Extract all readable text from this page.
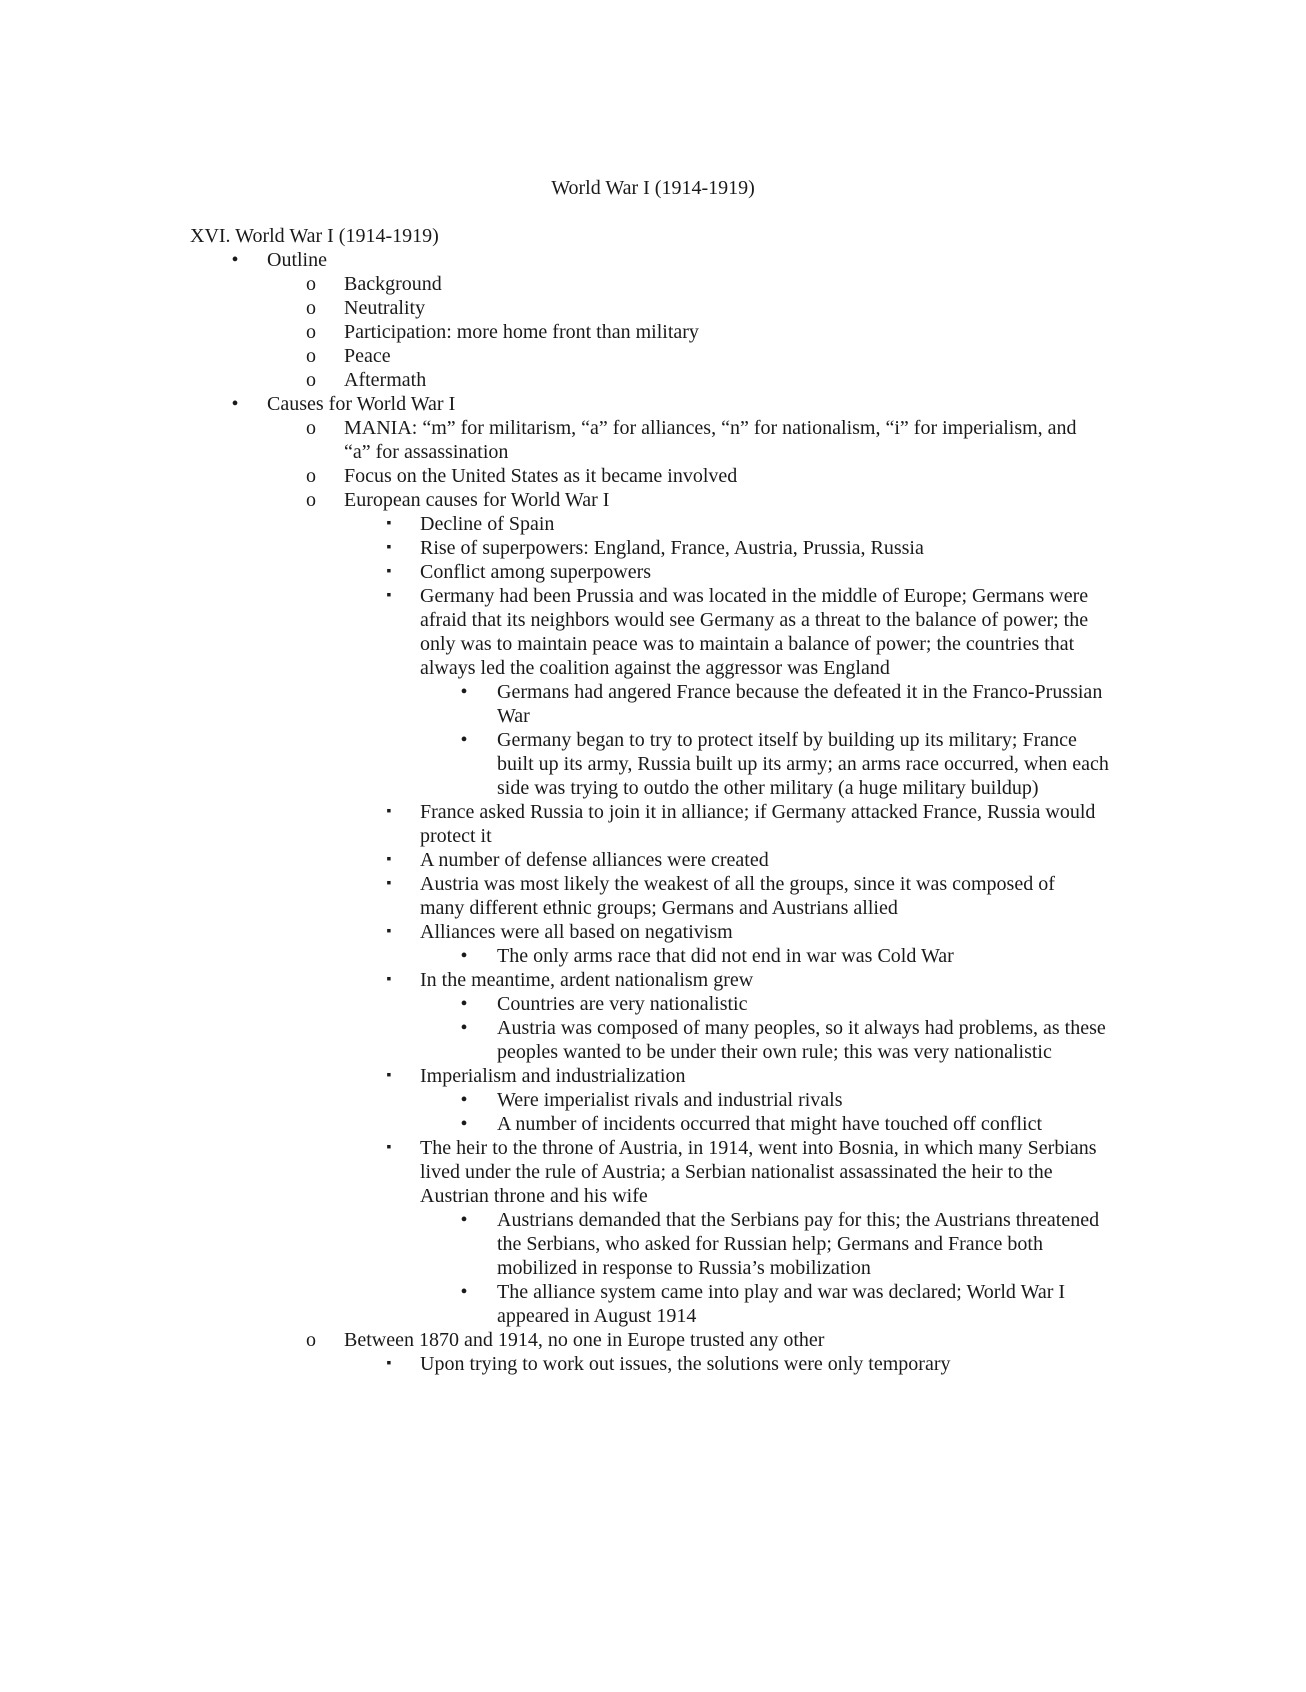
World War I (1914-1919)
XVI. World War I (1914-1919)
•	Outline
o Background
o Neutrality
o Participation: more home front than military
o Peace
o Aftermath
•	Causes for World War I
o MANIA: “m” for militarism, “a” for alliances, “n” for nationalism, “i” for imperialism, and “a” for assassination
o Focus on the United States as it became involved
o European causes for World War I
▪	Decline of Spain
▪	Rise of superpowers: England, France, Austria, Prussia, Russia
▪	Conflict among superpowers
▪	Germany had been Prussia and was located in the middle of Europe; Germans were afraid that its neighbors would see Germany as a threat to the balance of power; the only was to maintain peace was to maintain a balance of power; the countries that always led the coalition against the aggressor was England
•	Germans had angered France because the defeated it in the Franco-Prussian War
•	Germany began to try to protect itself by building up its military; France built up its army, Russia built up its army; an arms race occurred, when each side was trying to outdo the other military (a huge military buildup)
▪	France asked Russia to join it in alliance; if Germany attacked France, Russia would protect it
▪	A number of defense alliances were created
▪	Austria was most likely the weakest of all the groups, since it was composed of many different ethnic groups; Germans and Austrians allied
▪	Alliances were all based on negativism
•	The only arms race that did not end in war was Cold War
▪	In the meantime, ardent nationalism grew
•	Countries are very nationalistic
•	Austria was composed of many peoples, so it always had problems, as these peoples wanted to be under their own rule; this was very nationalistic
▪	Imperialism and industrialization
•	Were imperialist rivals and industrial rivals
•	A number of incidents occurred that might have touched off conflict
▪	The heir to the throne of Austria, in 1914, went into Bosnia, in which many Serbians lived under the rule of Austria; a Serbian nationalist assassinated the heir to the Austrian throne and his wife
•	Austrians demanded that the Serbians pay for this; the Austrians threatened the Serbians, who asked for Russian help; Germans and France both mobilized in response to Russia’s mobilization
•	The alliance system came into play and war was declared; World War I appeared in August 1914
o Between 1870 and 1914, no one in Europe trusted any other
▪	Upon trying to work out issues, the solutions were only temporary
